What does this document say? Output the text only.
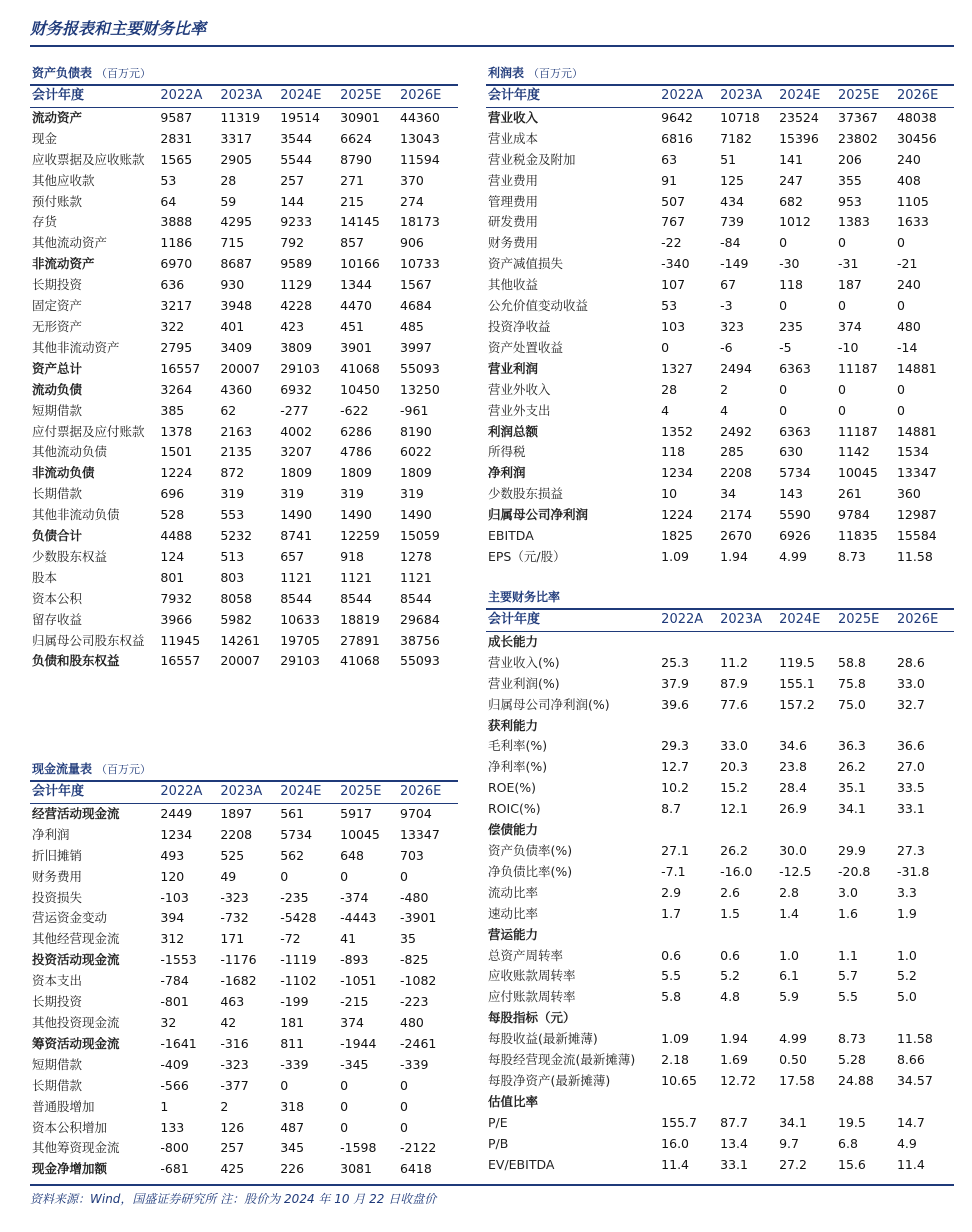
财务报表和主要财务比率
资产负债表 （百万元）
会计年度	2022A	2023A	2024E	2025E	2026E
流动资产	9587	11319	19514	30901	44360
现金	2831	3317	3544	6624	13043
应收票据及应收账款	1565	2905	5544	8790	11594
其他应收款	53	28	257	271	370
预付账款	64	59	144	215	274
存货	3888	4295	9233	14145	18173
其他流动资产	1186	715	792	857	906
非流动资产	6970	8687	9589	10166	10733
长期投资	636	930	1129	1344	1567
固定资产	3217	3948	4228	4470	4684
无形资产	322	401	423	451	485
其他非流动资产	2795	3409	3809	3901	3997
资产总计	16557	20007	29103	41068	55093
流动负债	3264	4360	6932	10450	13250
短期借款	385	62	-277	-622	-961
应付票据及应付账款	1378	2163	4002	6286	8190
其他流动负债	1501	2135	3207	4786	6022
非流动负债	1224	872	1809	1809	1809
长期借款	696	319	319	319	319
其他非流动负债	528	553	1490	1490	1490
负债合计	4488	5232	8741	12259	15059
少数股东权益	124	513	657	918	1278
股本	801	803	1121	1121	1121
资本公积	7932	8058	8544	8544	8544
留存收益	3966	5982	10633	18819	29684
归属母公司股东权益	11945	14261	19705	27891	38756
负债和股东权益	16557	20007	29103	41068	55093
现金流量表 （百万元）
会计年度	2022A	2023A	2024E	2025E	2026E
经营活动现金流	2449	1897	561	5917	9704
净利润	1234	2208	5734	10045	13347
折旧摊销	493	525	562	648	703
财务费用	120	49	0	0	0
投资损失	-103	-323	-235	-374	-480
营运资金变动	394	-732	-5428	-4443	-3901
其他经营现金流	312	171	-72	41	35
投资活动现金流	-1553	-1176	-1119	-893	-825
资本支出	-784	-1682	-1102	-1051	-1082
长期投资	-801	463	-199	-215	-223
其他投资现金流	32	42	181	374	480
筹资活动现金流	-1641	-316	811	-1944	-2461
短期借款	-409	-323	-339	-345	-339
长期借款	-566	-377	0	0	0
普通股增加	1	2	318	0	0
资本公积增加	133	126	487	0	0
其他筹资现金流	-800	257	345	-1598	-2122
现金净增加额	-681	425	226	3081	6418
利润表 （百万元）
会计年度	2022A	2023A	2024E	2025E	2026E
营业收入	9642	10718	23524	37367	48038
营业成本	6816	7182	15396	23802	30456
营业税金及附加	63	51	141	206	240
营业费用	91	125	247	355	408
管理费用	507	434	682	953	1105
研发费用	767	739	1012	1383	1633
财务费用	-22	-84	0	0	0
资产减值损失	-340	-149	-30	-31	-21
其他收益	107	67	118	187	240
公允价值变动收益	53	-3	0	0	0
投资净收益	103	323	235	374	480
资产处置收益	0	-6	-5	-10	-14
营业利润	1327	2494	6363	11187	14881
营业外收入	28	2	0	0	0
营业外支出	4	4	0	0	0
利润总额	1352	2492	6363	11187	14881
所得税	118	285	630	1142	1534
净利润	1234	2208	5734	10045	13347
少数股东损益	10	34	143	261	360
归属母公司净利润	1224	2174	5590	9784	12987
EBITDA	1825	2670	6926	11835	15584
EPS（元/股）	1.09	1.94	4.99	8.73	11.58
主要财务比率
会计年度	2022A	2023A	2024E	2025E	2026E
成长能力					
营业收入(%)	25.3	11.2	119.5	58.8	28.6
营业利润(%)	37.9	87.9	155.1	75.8	33.0
归属母公司净利润(%)	39.6	77.6	157.2	75.0	32.7
获利能力					
毛利率(%)	29.3	33.0	34.6	36.3	36.6
净利率(%)	12.7	20.3	23.8	26.2	27.0
ROE(%)	10.2	15.2	28.4	35.1	33.5
ROIC(%)	8.7	12.1	26.9	34.1	33.1
偿债能力					
资产负债率(%)	27.1	26.2	30.0	29.9	27.3
净负债比率(%)	-7.1	-16.0	-12.5	-20.8	-31.8
流动比率	2.9	2.6	2.8	3.0	3.3
速动比率	1.7	1.5	1.4	1.6	1.9
营运能力					
总资产周转率	0.6	0.6	1.0	1.1	1.0
应收账款周转率	5.5	5.2	6.1	5.7	5.2
应付账款周转率	5.8	4.8	5.9	5.5	5.0
每股指标（元）					
每股收益(最新摊薄)	1.09	1.94	4.99	8.73	11.58
每股经营现金流(最新摊薄)	2.18	1.69	0.50	5.28	8.66
每股净资产(最新摊薄)	10.65	12.72	17.58	24.88	34.57
估值比率					
P/E	155.7	87.7	34.1	19.5	14.7
P/B	16.0	13.4	9.7	6.8	4.9
EV/EBITDA	11.4	33.1	27.2	15.6	11.4
资料来源：Wind，国盛证券研究所 注：股价为 2024 年 10 月 22 日收盘价
